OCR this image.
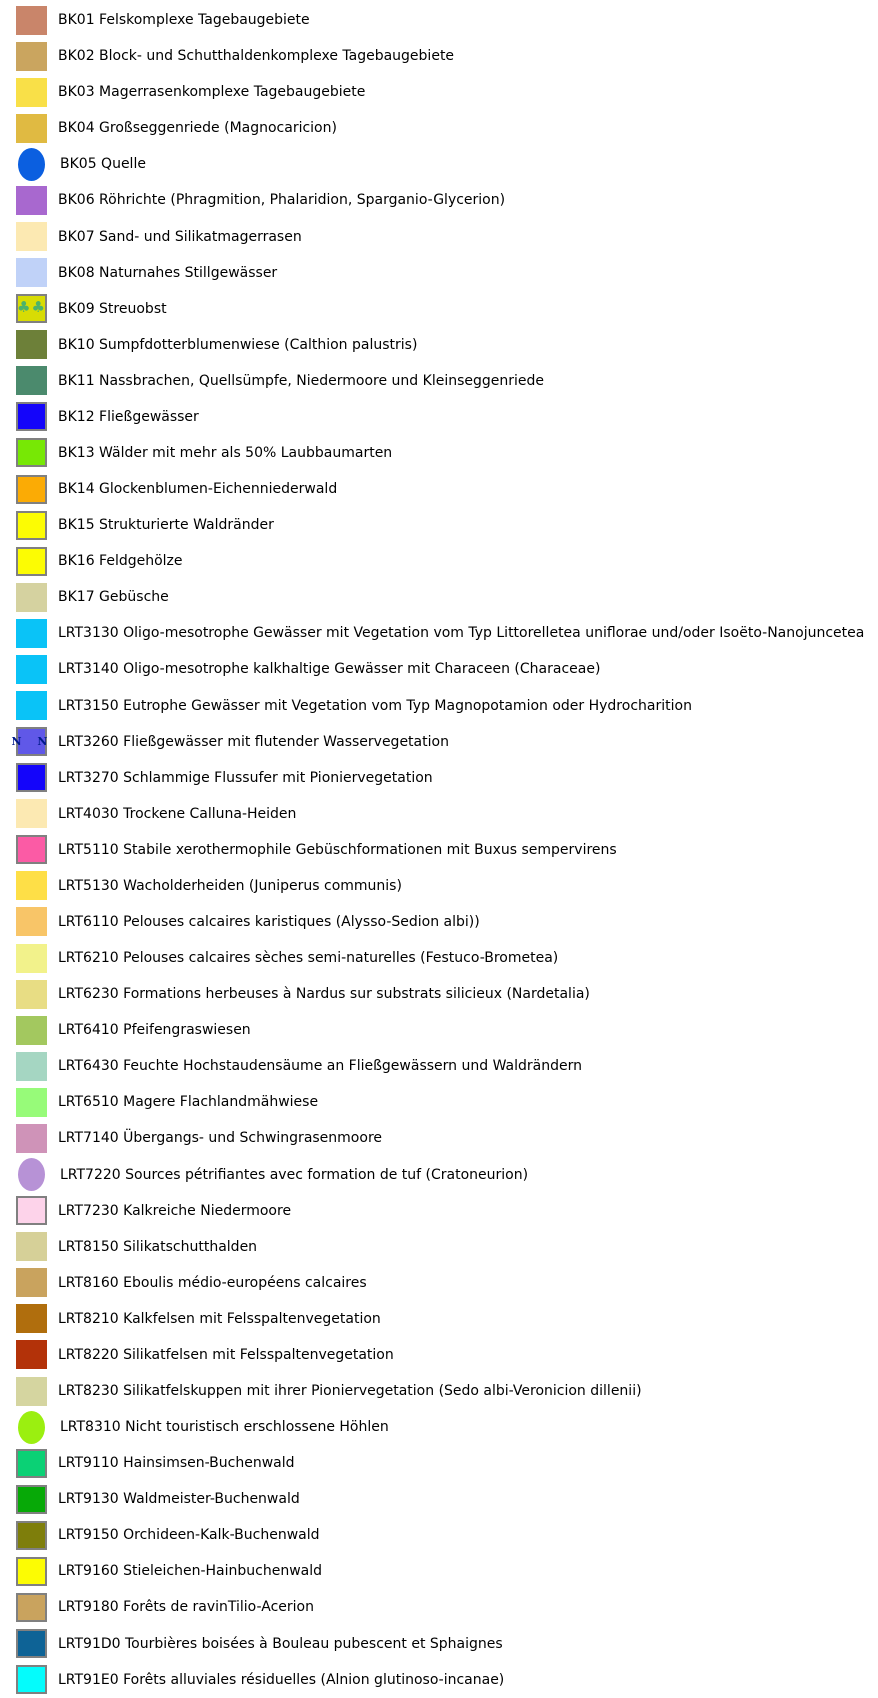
BK01 Felskomplexe Tagebaugebiete
BK02 Block- und Schutthaldenkomplexe Tagebaugebiete
BK03 Magerrasenkomplexe Tagebaugebiete
BK04 Großseggenriede (Magnocaricion)
BK05 Quelle
BK06 Röhrichte (Phragmition, Phalaridion, Sparganio-Glycerion)
BK07 Sand- und Silikatmagerrasen
BK08 Naturnahes Stillgewässer
♣♣ BK09 Streuobst
BK10 Sumpfdotterblumenwiese (Calthion palustris)
BK11 Nassbrachen, Quellsümpfe, Niedermoore und Kleinseggenriede
BK12 Fließgewässer
BK13 Wälder mit mehr als 50% Laubbaumarten
BK14 Glockenblumen-Eichenniederwald
BK15 Strukturierte Waldränder
BK16 Feldgehölze
BK17 Gebüsche
LRT3130 Oligo-mesotrophe Gewässer mit Vegetation vom Typ Littorelletea uniflorae und/oder Isoëto-Nanojuncetea
LRT3140 Oligo-mesotrophe kalkhaltige Gewässer mit Characeen (Characeae)
LRT3150 Eutrophe Gewässer mit Vegetation vom Typ Magnopotamion oder Hydrocharition
N N LRT3260 Fließgewässer mit flutender Wasservegetation
LRT3270 Schlammige Flussufer mit Pioniervegetation
LRT4030 Trockene Calluna-Heiden
LRT5110 Stabile xerothermophile Gebüschformationen mit Buxus sempervirens
LRT5130 Wacholderheiden (Juniperus communis)
LRT6110 Pelouses calcaires karistiques (Alysso-Sedion albi))
LRT6210 Pelouses calcaires sèches semi-naturelles (Festuco-Brometea)
LRT6230 Formations herbeuses à Nardus sur substrats silicieux (Nardetalia)
LRT6410 Pfeifengraswiesen
LRT6430 Feuchte Hochstaudensäume an Fließgewässern und Waldrändern
LRT6510 Magere Flachlandmähwiese
LRT7140 Übergangs- und Schwingrasenmoore
LRT7220 Sources pétrifiantes avec formation de tuf (Cratoneurion)
LRT7230 Kalkreiche Niedermoore
LRT8150 Silikatschutthalden
LRT8160 Eboulis médio-européens calcaires
LRT8210 Kalkfelsen mit Felsspaltenvegetation
LRT8220 Silikatfelsen mit Felsspaltenvegetation
LRT8230 Silikatfelskuppen mit ihrer Pioniervegetation (Sedo albi-Veronicion dillenii)
LRT8310 Nicht touristisch erschlossene Höhlen
LRT9110 Hainsimsen-Buchenwald
LRT9130 Waldmeister-Buchenwald
LRT9150 Orchideen-Kalk-Buchenwald
LRT9160 Stieleichen-Hainbuchenwald
LRT9180 Forêts de ravinTilio-Acerion
LRT91D0 Tourbières boisées à Bouleau pubescent et Sphaignes
LRT91E0 Forêts alluviales résiduelles (Alnion glutinoso-incanae)
